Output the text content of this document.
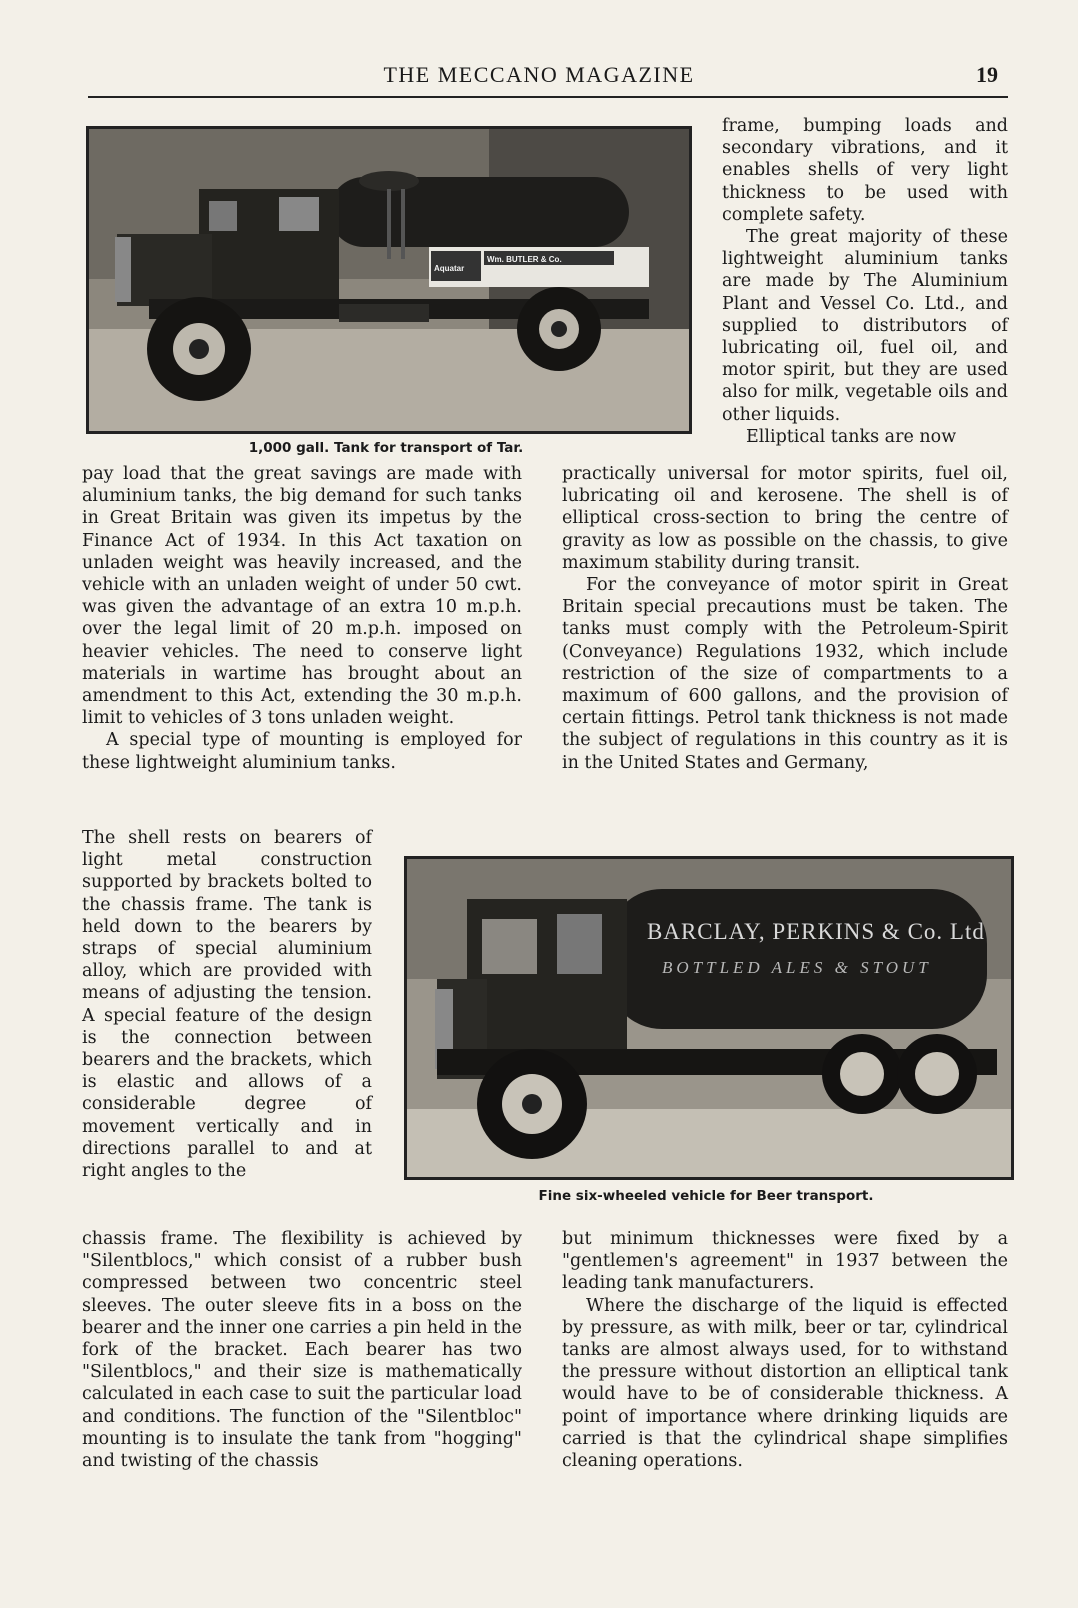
THE MECCANO MAGAZINE	19
Aquatar
Wm. BUTLER & Co.
1,000 gall. Tank for transport of Tar.

frame, bumping loads and secondary vibrations, and it enables shells of very light thickness to be used with complete safety.

The great majority of these lightweight aluminium tanks are made by The Aluminium Plant and Vessel Co. Ltd., and supplied to distributors of lubricating oil, fuel oil, and motor spirit, but they are used also for milk, vegetable oils and other liquids.

Elliptical tanks are now

pay load that the great savings are made with aluminium tanks, the big demand for such tanks in Great Britain was given its impetus by the Finance Act of 1934. In this Act taxation on unladen weight was heavily increased, and the vehicle with an unladen weight of under 50 cwt. was given the advantage of an extra 10 m.p.h. over the legal limit of 20 m.p.h. imposed on heavier vehicles. The need to conserve light materials in wartime has brought about an amendment to this Act, extending the 30 m.p.h. limit to vehicles of 3 tons unladen weight.

A special type of mounting is employed for these lightweight aluminium tanks.

practically universal for motor spirits, fuel oil, lubricating oil and kerosene. The shell is of elliptical cross-section to bring the centre of gravity as low as possible on the chassis, to give maximum stability during transit.

For the conveyance of motor spirit in Great Britain special precautions must be taken. The tanks must comply with the Petroleum-Spirit (Conveyance) Regulations 1932, which include restriction of the size of compartments to a maximum of 600 gallons, and the provision of certain fittings. Petrol tank thickness is not made the subject of regulations in this country as it is in the United States and Germany,

The shell rests on bearers of light metal construction supported by brackets bolted to the chassis frame. The tank is held down to the bearers by straps of special aluminium alloy, which are provided with means of adjusting the tension. A special feature of the design is the connection between bearers and the brackets, which is elastic and allows of a considerable degree of movement vertically and in directions parallel to and at right angles to the

BARCLAY, PERKINS & Co. Ltd
BOTTLED ALES & STOUT
Fine six-wheeled vehicle for Beer transport.

chassis frame. The flexibility is achieved by "Silentblocs," which consist of a rubber bush compressed between two concentric steel sleeves. The outer sleeve fits in a boss on the bearer and the inner one carries a pin held in the fork of the bracket. Each bearer has two "Silentblocs," and their size is mathematically calculated in each case to suit the particular load and conditions. The function of the "Silentbloc" mounting is to insulate the tank from "hogging" and twisting of the chassis

but minimum thicknesses were fixed by a "gentlemen's agreement" in 1937 between the leading tank manufacturers.

Where the discharge of the liquid is effected by pressure, as with milk, beer or tar, cylindrical tanks are almost always used, for to withstand the pressure without distortion an elliptical tank would have to be of considerable thickness. A point of importance where drinking liquids are carried is that the cylindrical shape simplifies cleaning operations.
